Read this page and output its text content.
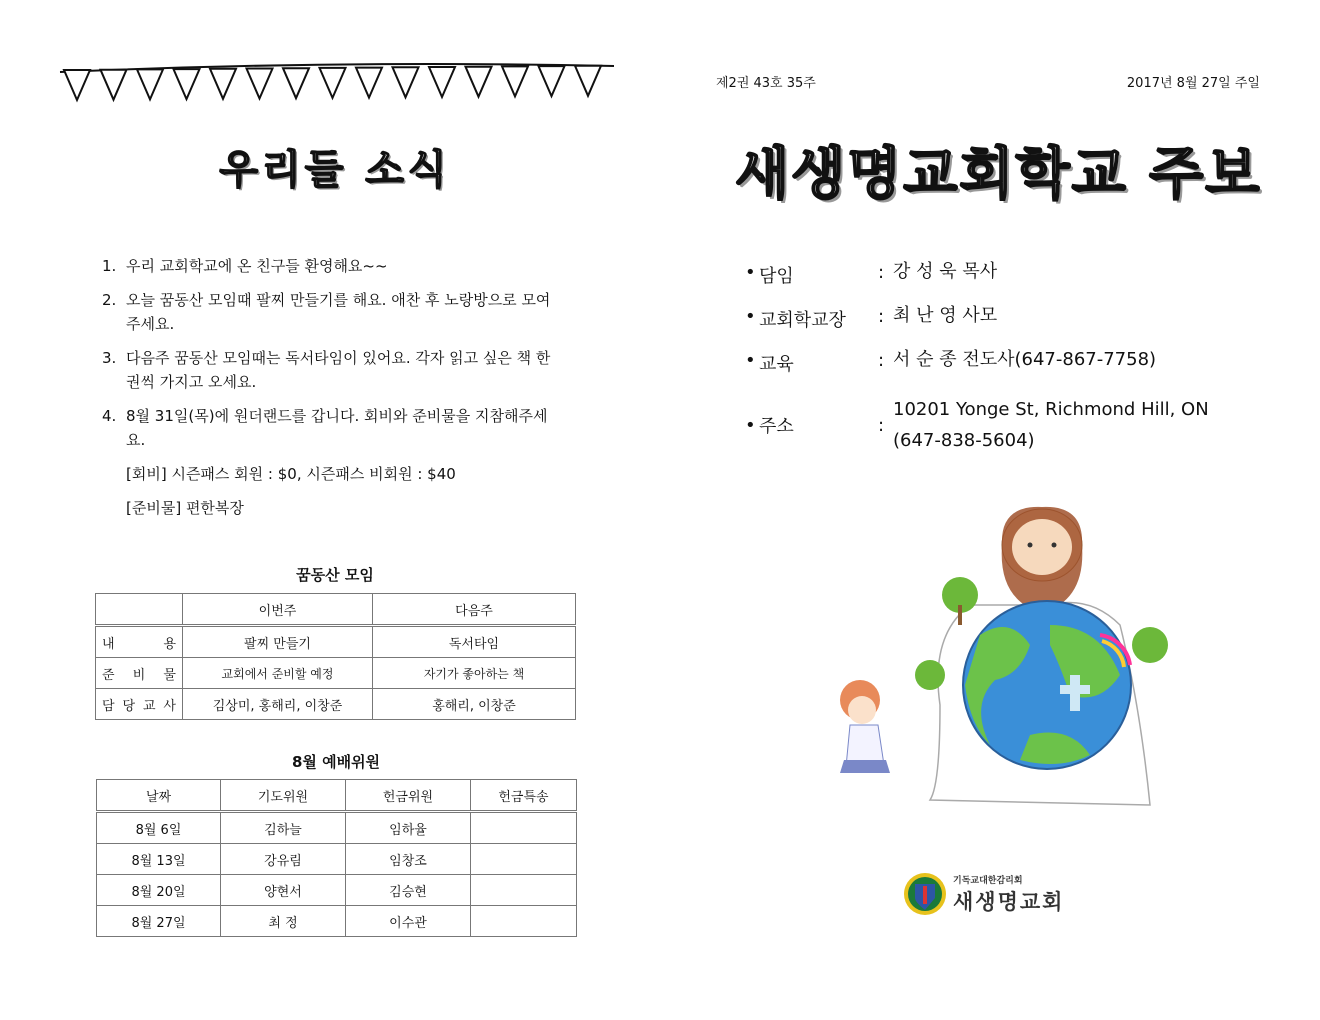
우리들 소식
1. 우리 교회학교에 온 친구들 환영해요~~
2. 오늘 꿈동산 모임때 팔찌 만들기를 해요. 애찬 후 노랑방으로 모여주세요.
3. 다음주 꿈동산 모임때는 독서타임이 있어요. 각자 읽고 싶은 책 한권씩 가지고 오세요.
4. 8월 31일(목)에 원더랜드를 갑니다. 회비와 준비물을 지참해주세요.
[회비] 시즌패스 회원 : $0, 시즌패스 비회원 : $40
[준비물] 편한복장
꿈동산 모임
	이번주	다음주
내 용	팔찌 만들기	독서타임
준 비 물	교회에서 준비할 예정	자기가 좋아하는 책
담 당 교 사	김상미, 홍해리, 이창준	홍해리, 이창준
8월 예배위원
날짜	기도위원	헌금위원	헌금특송
8월 6일	김하늘	임하율	
8월 13일	강유림	임창조	
8월 20일	양현서	김승현	
8월 27일	최 정	이수관	
제2권 43호 35주	2017년 8월 27일 주일
새생명교회학교 주보
• 담임	: 강 성 욱 목사
• 교회학교장	: 최 난 영 사모
• 교육	: 서 순 종 전도사(647-867-7758)
• 주소	:
10201 Yonge St, Richmond Hill, ON
(647-838-5604)
기독교대한감리회
새생명교회
